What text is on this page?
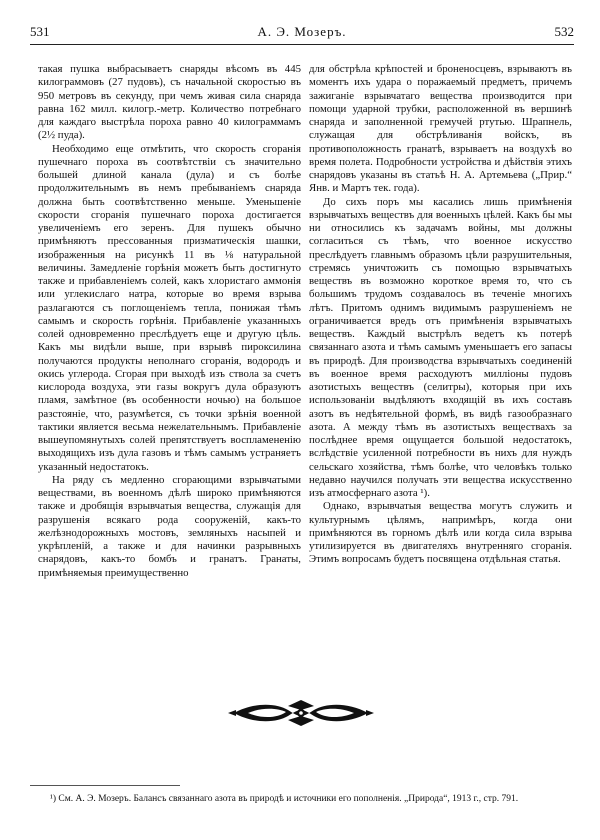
531	А. Э. Мозеръ.	532

такая пушка выбрасываетъ снаряды вѣсомъ въ 445 килограммовъ (27 пудовъ), съ начальной скоростью въ 950 метровъ въ секунду, при чемъ живая сила снаряда равна 162 милл. килогр.-метр. Количество потребнаго для каждаго выстрѣла пороха равно 40 килограммамъ (2½ пуда).

Необходимо еще отмѣтить, что скорость сгоранія пушечнаго пороха въ соотвѣтствіи съ значительно большей длиной канала (дула) и съ болѣе продолжительнымъ въ немъ пребываніемъ снаряда должна быть соотвѣтственно меньше. Уменьшеніе скорости сгоранія пушечнаго пороха достигается увеличеніемъ его зеренъ. Для пушекъ обычно примѣняютъ прессованныя призматическія шашки, изображенныя на рисункѣ 11 въ ⅛ натуральной величины. Замедленіе горѣнія можетъ быть достигнуто также и прибавленіемъ солей, какъ хлористаго аммонія или углекислаго натра, которые во время взрыва разлагаются съ поглощеніемъ тепла, понижая тѣмъ самымъ и скорость горѣнія. Прибавленіе указанныхъ солей одновременно преслѣдуетъ еще и другую цѣль. Какъ мы видѣли выше, при взрывѣ пироксилина получаются продукты неполнаго сгоранія, водородъ и окись углерода. Сгорая при выходѣ изъ ствола за счетъ кислорода воздуха, эти газы вокругъ дула образуютъ пламя, замѣтное (въ особенности ночью) на большое разстояніе, что, разумѣется, съ точки зрѣнія военной тактики является весьма нежелательнымъ. Прибавленіе вышеупомянутыхъ солей препятствуетъ воспламененію выходящихъ изъ дула газовъ и тѣмъ самымъ устраняетъ указанный недостатокъ.

На ряду съ медленно сгорающими взрывчатыми веществами, въ военномъ дѣлѣ широко примѣняются также и дробящія взрывчатыя вещества, служащія для разрушенія всякаго рода сооруженій, какъ-то желѣзнодорожныхъ мостовъ, земляныхъ насыпей и укрѣпленій, а также и для начинки разрывныхъ снарядовъ, какъ-то бомбъ и гранатъ. Гранаты, примѣняемыя преимущественно

для обстрѣла крѣпостей и броненосцевъ, взрываютъ въ моментъ ихъ удара о поражаемый предметъ, причемъ зажиганіе взрывчатаго вещества производится при помощи ударной трубки, расположенной въ вершинѣ снаряда и заполненной гремучей ртутью. Шрапнель, служащая для обстрѣливанія войскъ, въ противоположность гранатѣ, взрываетъ на воздухѣ во время полета. Подробности устройства и дѣйствія этихъ снарядовъ указаны въ статьѣ Н. А. Артемьева („Прир.“ Янв. и Мартъ тек. года).

До сихъ поръ мы касались лишь примѣненія взрывчатыхъ веществъ для военныхъ цѣлей. Какъ бы мы ни относились къ задачамъ войны, мы должны согласиться съ тѣмъ, что военное искусство преслѣдуетъ главнымъ образомъ цѣли разрушительныя, стремясь уничтожить съ помощью взрывчатыхъ веществъ въ возможно короткое время то, что съ большимъ трудомъ создавалось въ теченіе многихъ лѣтъ. Притомъ однимъ видимымъ разрушеніемъ не ограничивается вредъ отъ примѣненія взрывчатыхъ веществъ. Каждый выстрѣлъ ведетъ къ потерѣ связаннаго азота и тѣмъ самымъ уменьшаетъ его запасы въ природѣ. Для производства взрывчатыхъ соединеній въ военное время расходуютъ милліоны пудовъ азотистыхъ веществъ (селитры), которыя при ихъ использованіи выдѣляютъ входящій въ ихъ составъ азотъ въ недѣятельной формѣ, въ видѣ газообразнаго азота. А между тѣмъ въ азотистыхъ веществахъ за послѣднее время ощущается большой недостатокъ, вслѣдствіе усиленной потребности въ нихъ для нуждъ сельскаго хозяйства, тѣмъ болѣе, что человѣкъ только недавно научился получать эти вещества искусственно изъ атмосфернаго азота ¹).

Однако, взрывчатыя вещества могутъ служить и культурнымъ цѣлямъ, напримѣръ, когда они примѣняются въ горномъ дѣлѣ или когда сила взрыва утилизируется въ двигателяхъ внутренняго сгоранія. Этимъ вопросамъ будетъ посвящена отдѣльная статья.

¹) См. А. Э. Мозеръ. Балансъ связаннаго азота въ природѣ и источники его пополненія. „Природа“, 1913 г., стр. 791.
